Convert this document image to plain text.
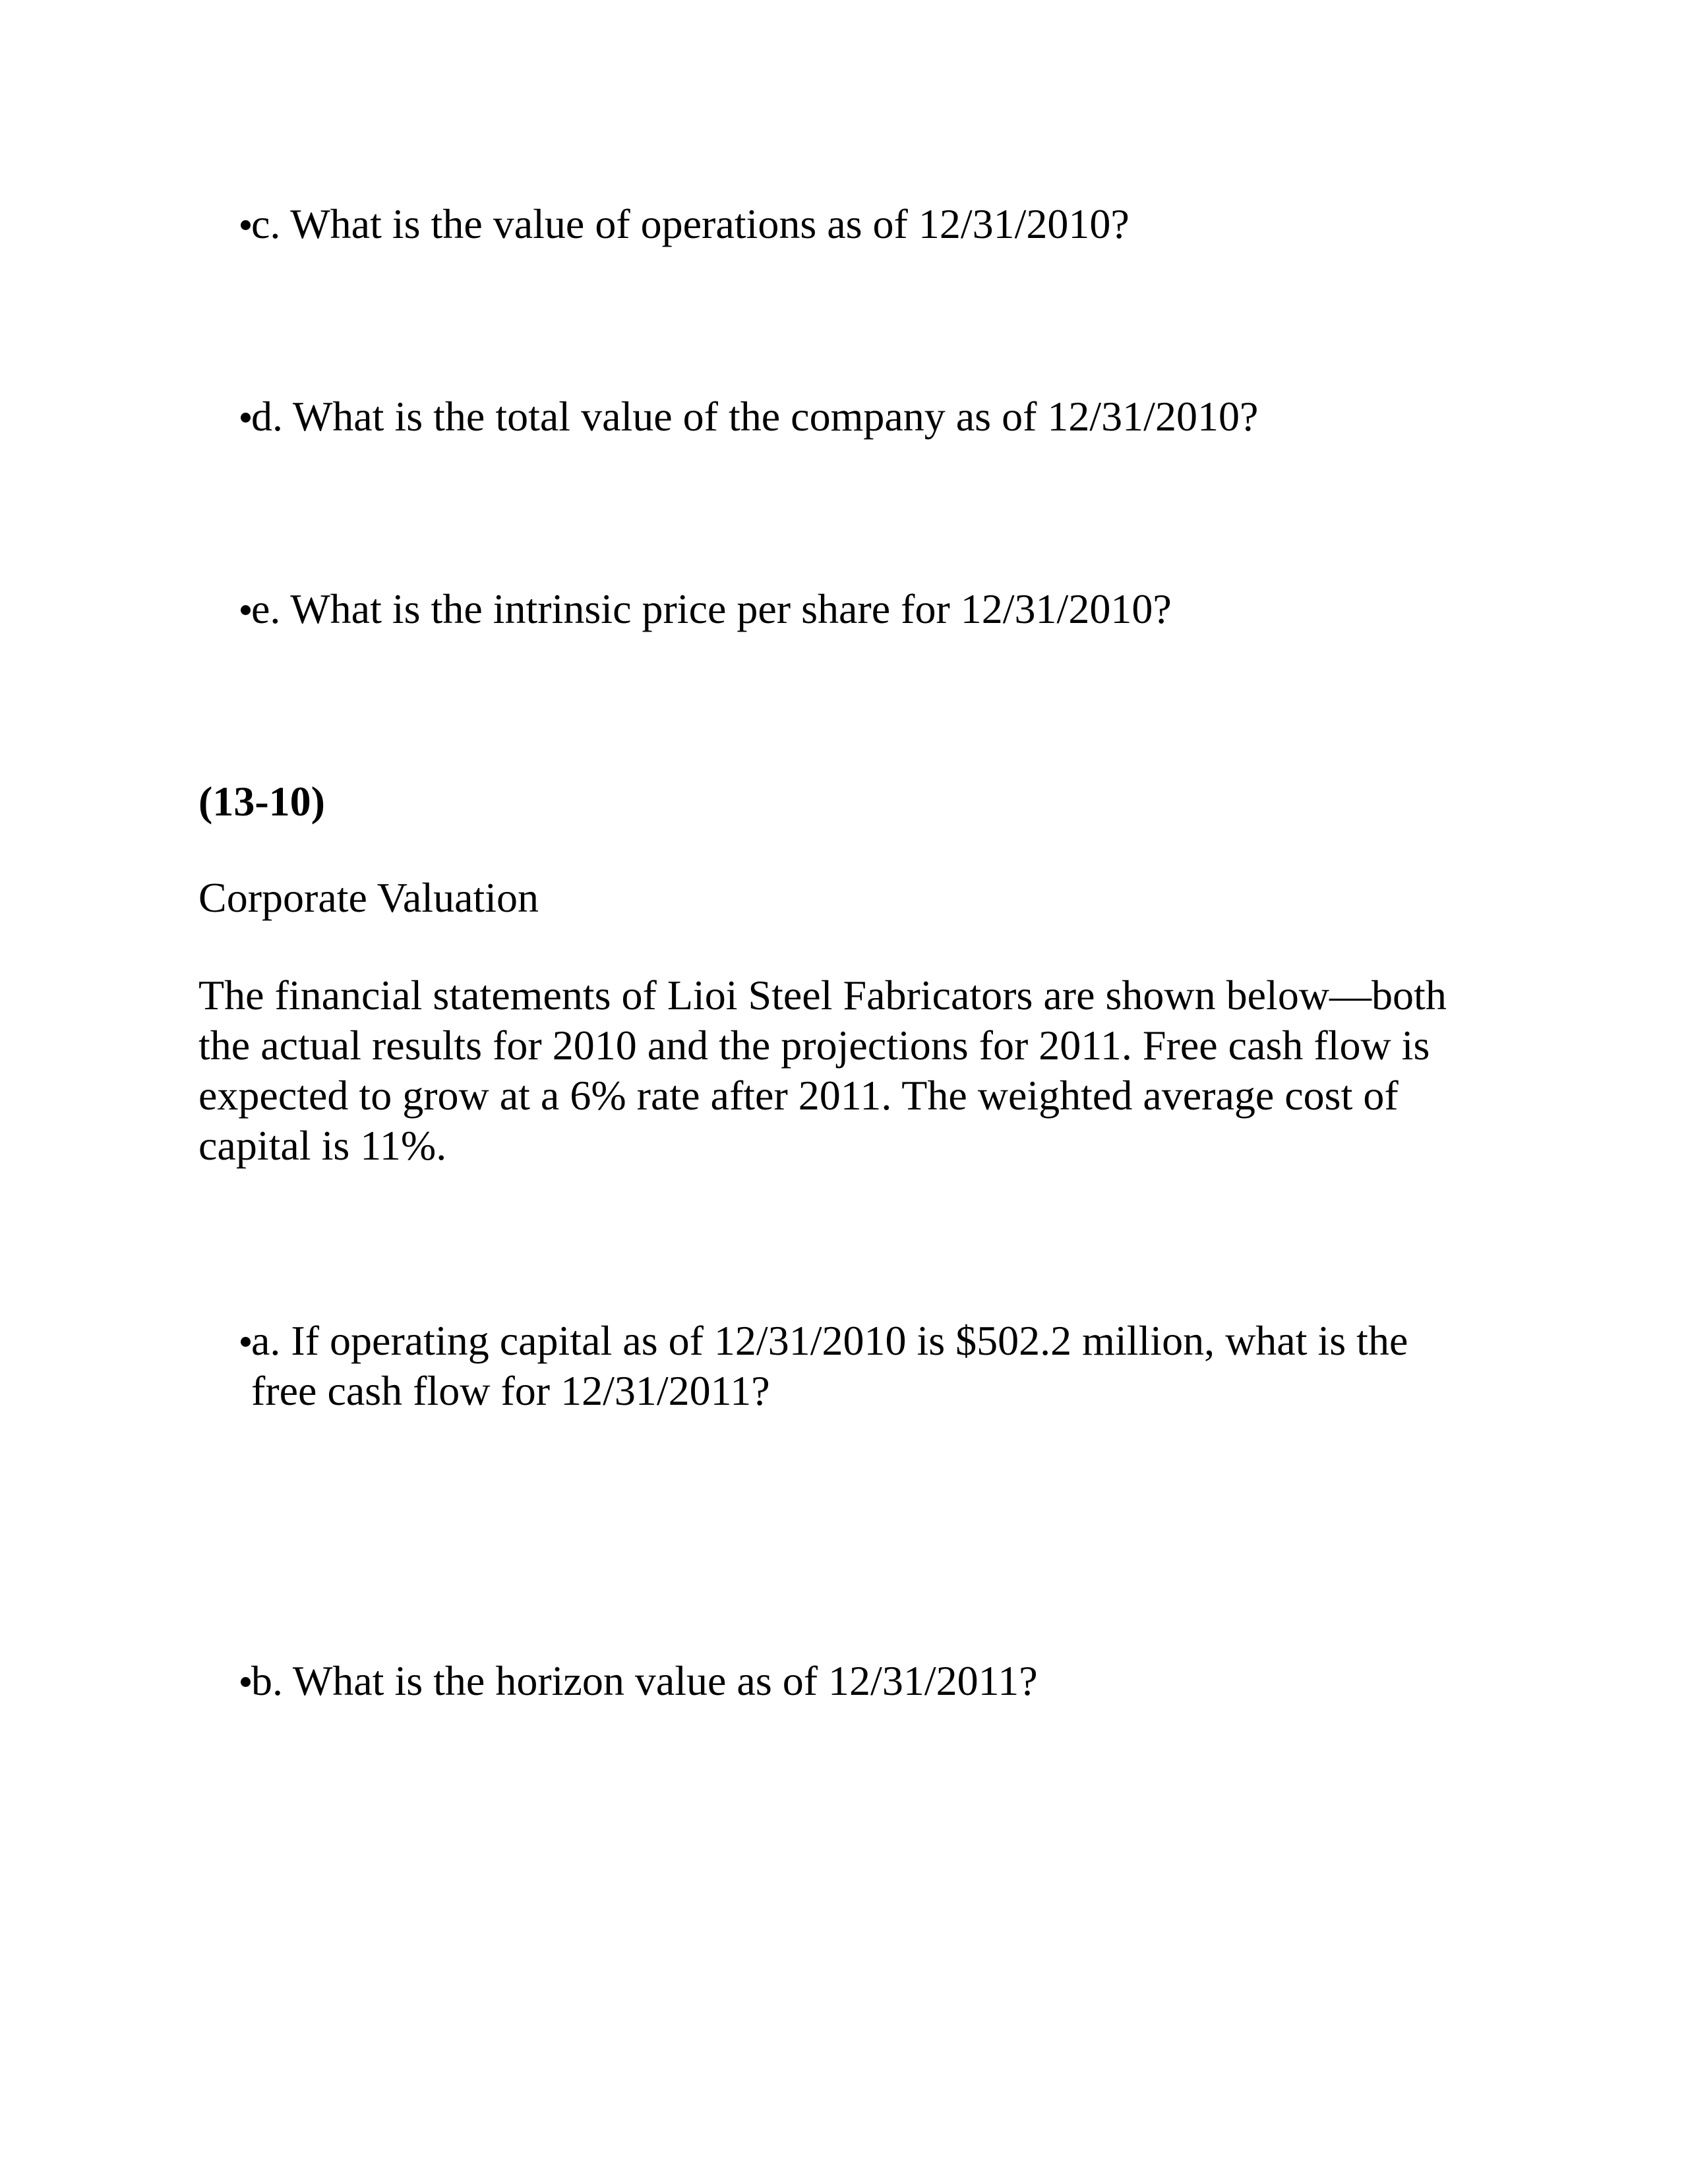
c. What is the value of operations as of 12/31/2010?
d. What is the total value of the company as of 12/31/2010?
e. What is the intrinsic price per share for 12/31/2010?
(13-10)
Corporate Valuation
The financial statements of Lioi Steel Fabricators are shown below—both the actual results for 2010 and the projections for 2011. Free cash flow is expected to grow at a 6% rate after 2011. The weighted average cost of capital is 11%.
a. If operating capital as of 12/31/2010 is $502.2 million, what is the free cash flow for 12/31/2011?
b. What is the horizon value as of 12/31/2011?
